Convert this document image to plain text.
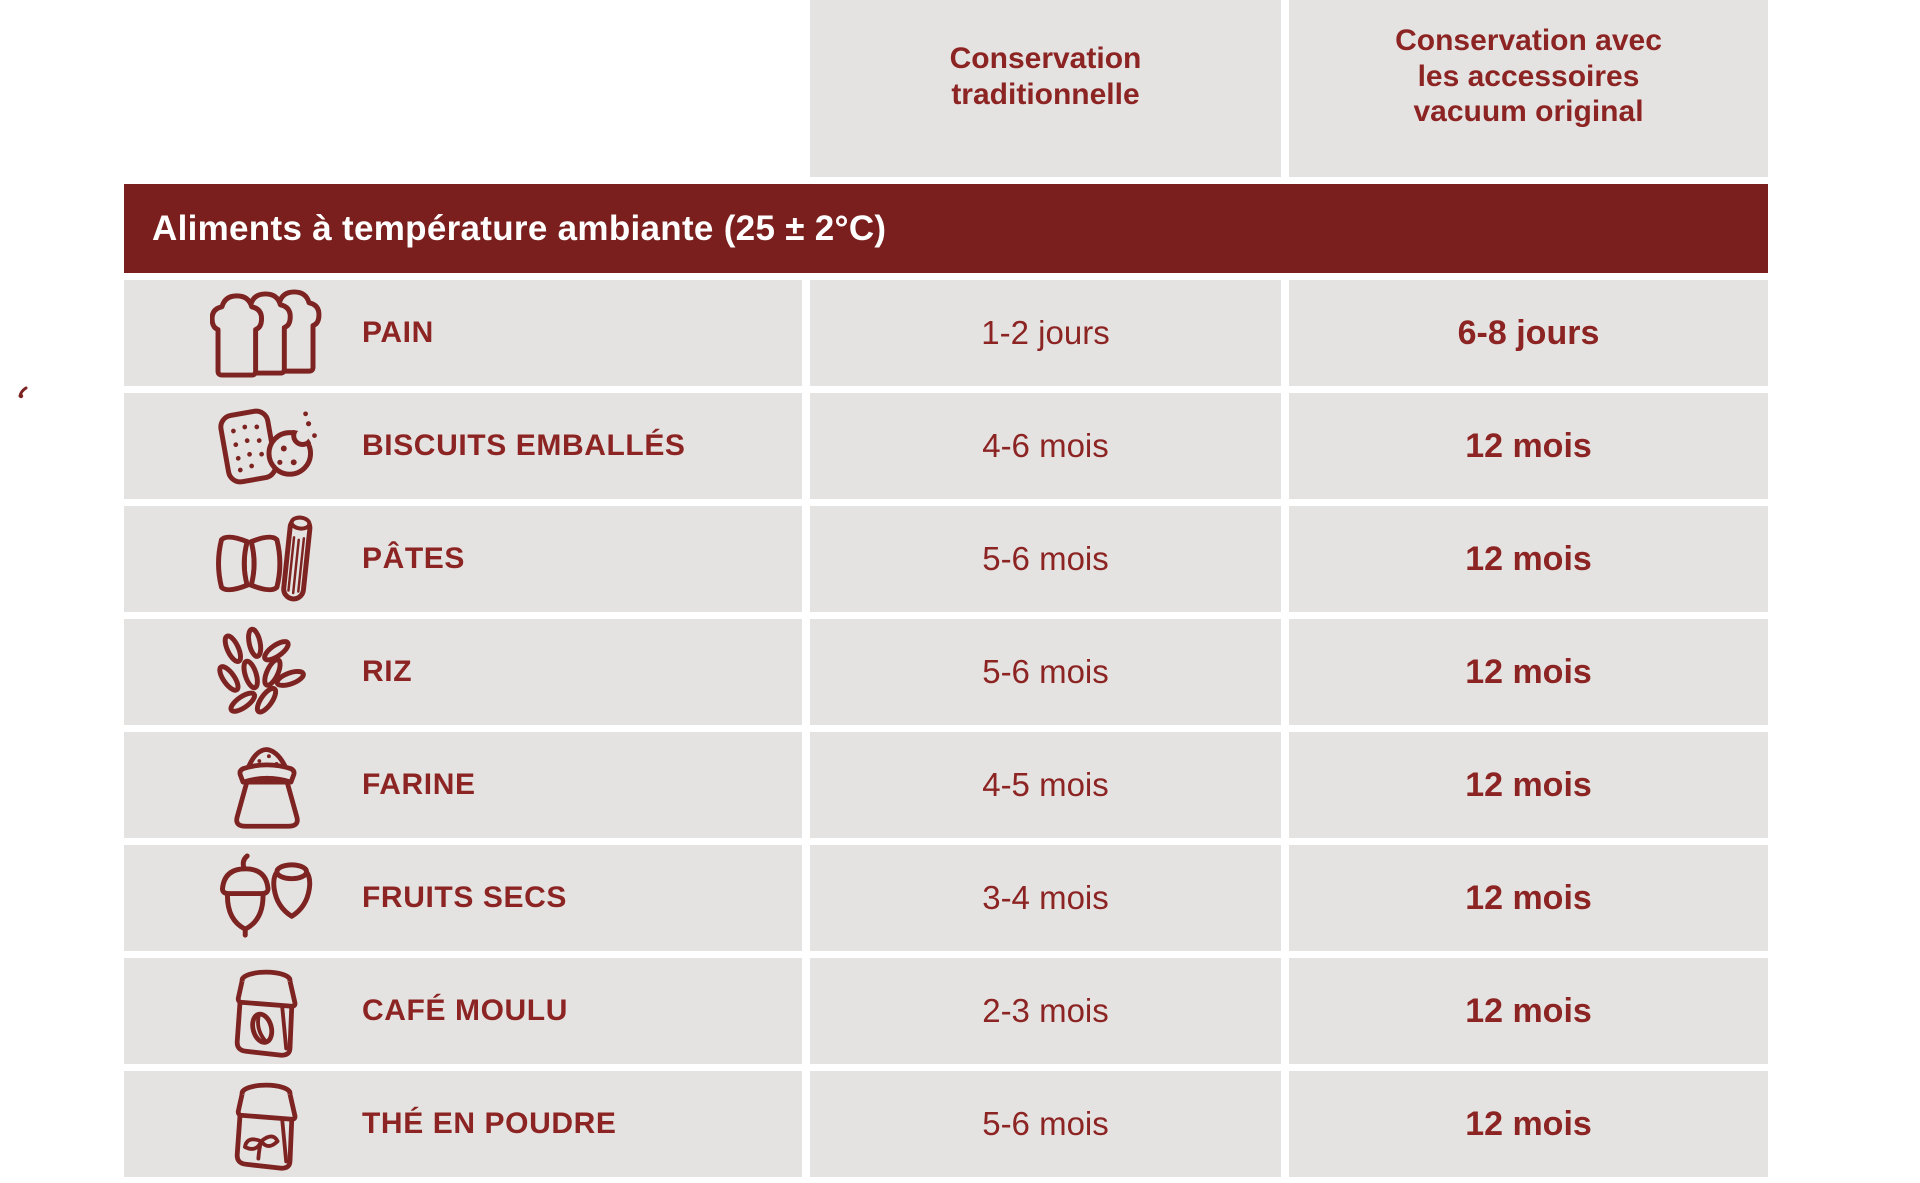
Conservation traditionnelle
Conservation avec les accessoires vacuum original
Aliments à température ambiante (25 ± 2°C)
PAIN	1-2 jours	6-8 jours
BISCUITS EMBALLÉS	4-6 mois	12 mois
PÂTES	5-6 mois	12 mois
RIZ	5-6 mois	12 mois
FARINE	4-5 mois	12 mois
FRUITS SECS	3-4 mois	12 mois
CAFÉ MOULU	2-3 mois	12 mois
THÉ EN POUDRE	5-6 mois	12 mois
